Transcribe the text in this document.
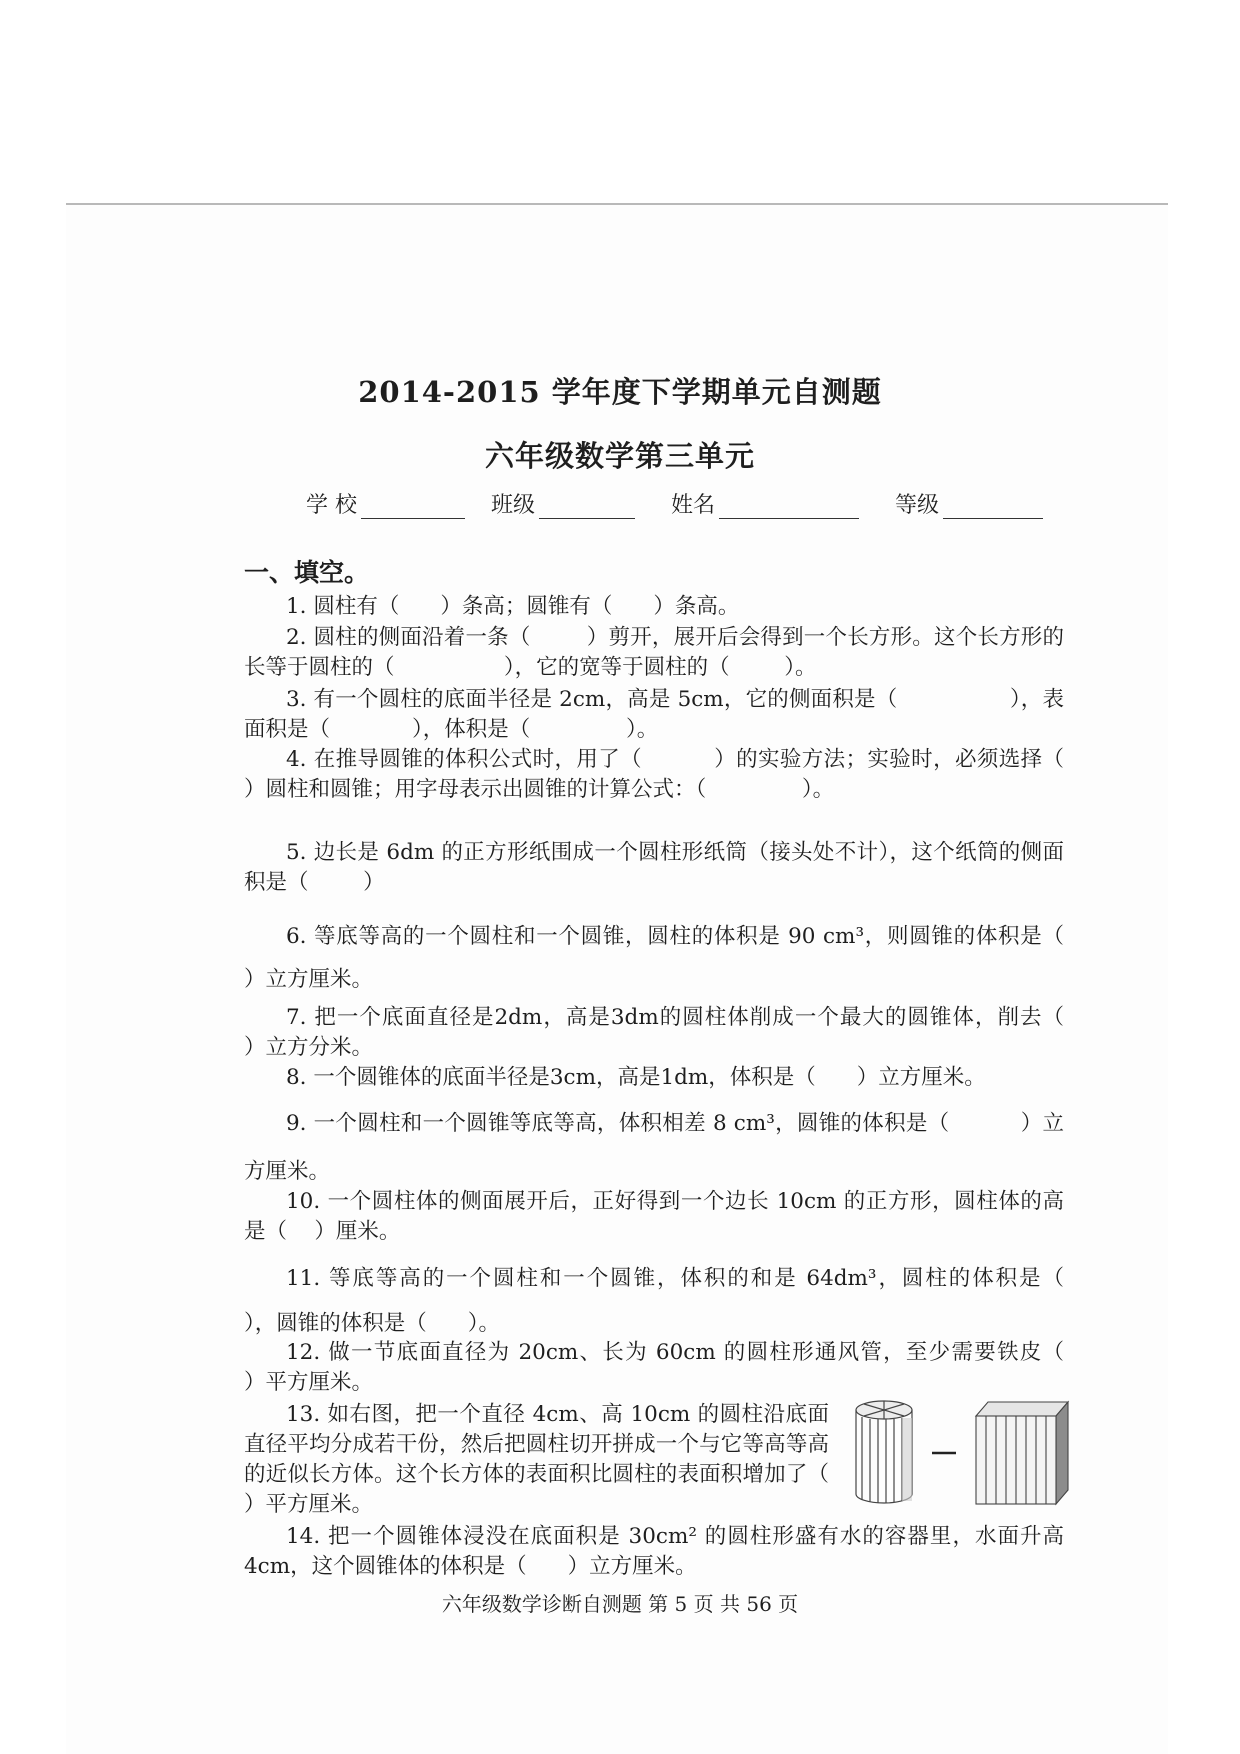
2014-2015 学年度下学期单元自测题
六年级数学第三单元
学 校	班级	姓名	等级
一、填空。
1. 圆柱有（      ）条高；圆锥有（      ）条高。
2. 圆柱的侧面沿着一条（        ）剪开，展开后会得到一个长方形。这个长方形的长等于圆柱的（                ），它的宽等于圆柱的（        ）。
3. 有一个圆柱的底面半径是 2cm，高是 5cm，它的侧面积是（                ），表面积是（            ），体积是（              ）。
4. 在推导圆锥的体积公式时，用了（          ）的实验方法；实验时，必须选择（                    ）圆柱和圆锥；用字母表示出圆锥的计算公式：（              ）。
5. 边长是 6dm 的正方形纸围成一个圆柱形纸筒（接头处不计），这个纸筒的侧面积是（        ）
6. 等底等高的一个圆柱和一个圆锥，圆柱的体积是 90 cm³，则圆锥的体积是（      ）立方厘米。
7. 把一个底面直径是2dm，高是3dm的圆柱体削成一个最大的圆锥体，削去（      ）立方分米。
8. 一个圆锥体的底面半径是3cm，高是1dm，体积是（      ）立方厘米。
9. 一个圆柱和一个圆锥等底等高，体积相差 8 cm³，圆锥的体积是（          ）立方厘米。
10. 一个圆柱体的侧面展开后，正好得到一个边长 10cm 的正方形，圆柱体的高是（    ）厘米。
11. 等底等高的一个圆柱和一个圆锥，体积的和是 64dm³，圆柱的体积是（    ），圆锥的体积是（      ）。
12. 做一节底面直径为 20cm、长为 60cm 的圆柱形通风管，至少需要铁皮（      ）平方厘米。
13. 如右图，把一个直径 4cm、高 10cm 的圆柱沿底面直径平均分成若干份，然后把圆柱切开拼成一个与它等高等高的近似长方体。这个长方体的表面积比圆柱的表面积增加了（      ）平方厘米。
14. 把一个圆锥体浸没在底面积是 30cm² 的圆柱形盛有水的容器里，水面升高 4cm，这个圆锥体的体积是（      ）立方厘米。
六年级数学诊断自测题 第 5 页 共 56 页
